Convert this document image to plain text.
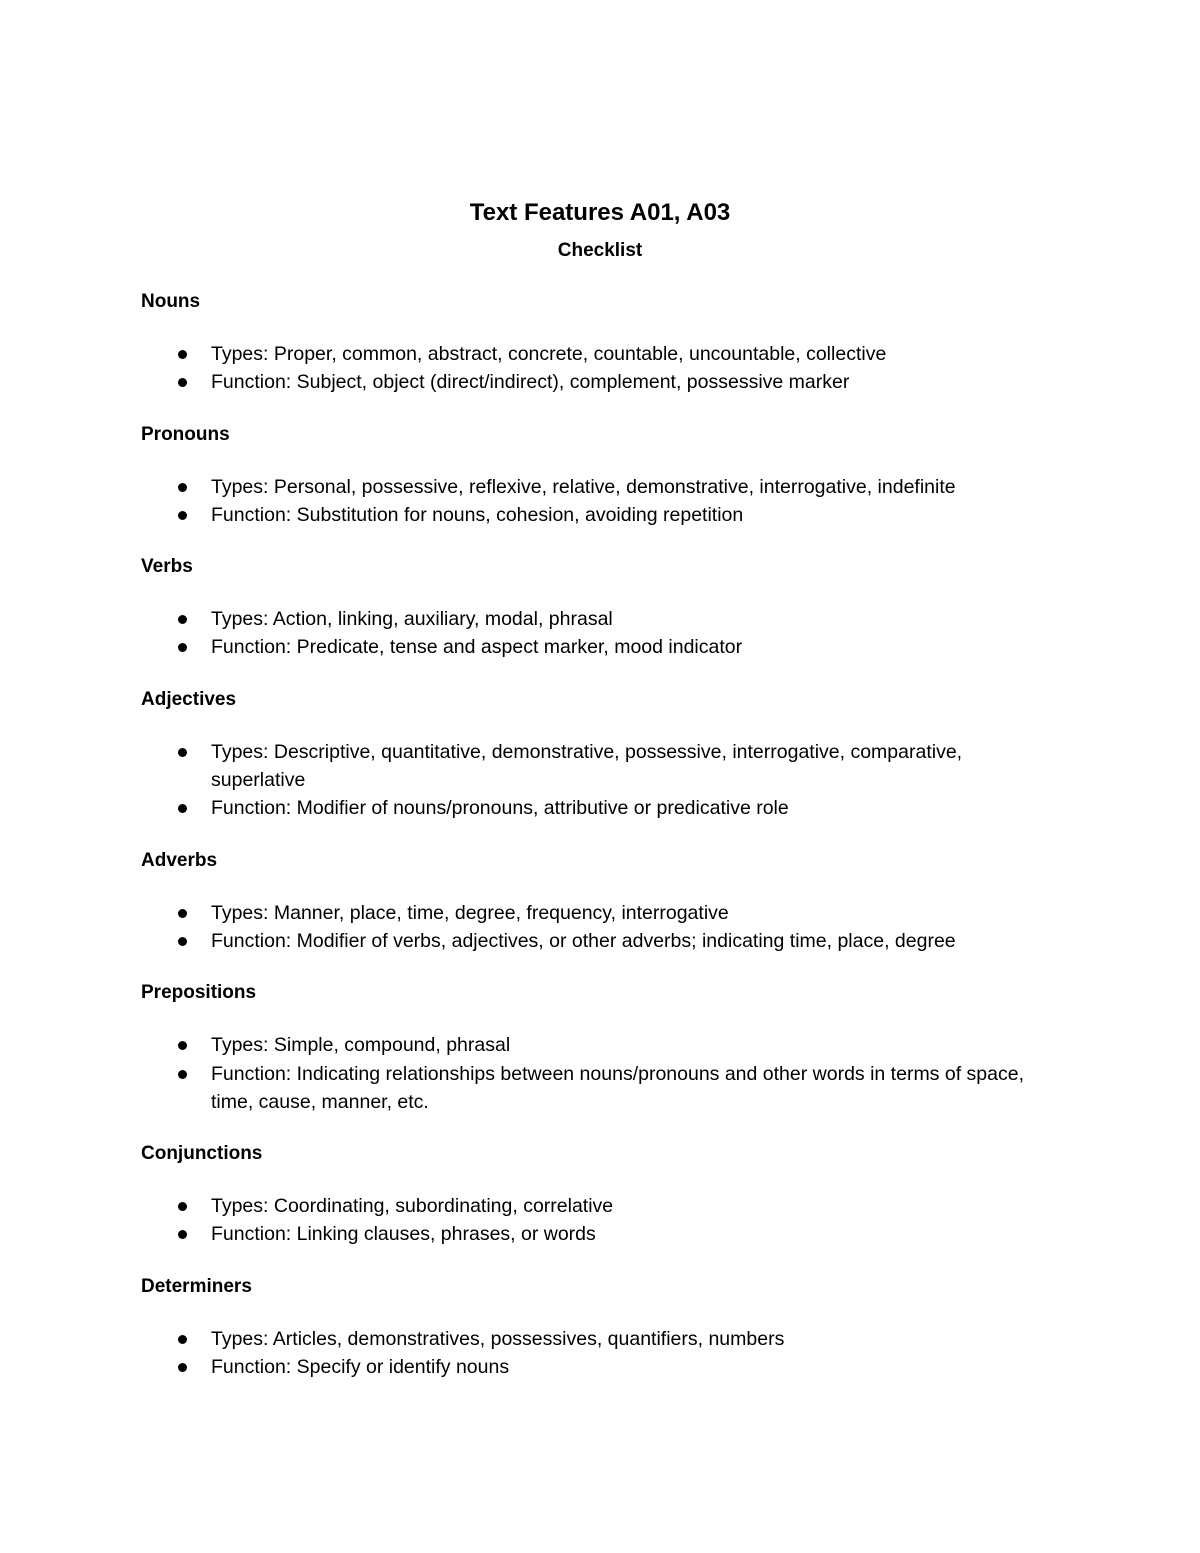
Text Features A01, A03
Checklist
Nouns
Types: Proper, common, abstract, concrete, countable, uncountable, collective
Function: Subject, object (direct/indirect), complement, possessive marker
Pronouns
Types: Personal, possessive, reflexive, relative, demonstrative, interrogative, indefinite
Function: Substitution for nouns, cohesion, avoiding repetition
Verbs
Types: Action, linking, auxiliary, modal, phrasal
Function: Predicate, tense and aspect marker, mood indicator
Adjectives
Types: Descriptive, quantitative, demonstrative, possessive, interrogative, comparative, superlative
Function: Modifier of nouns/pronouns, attributive or predicative role
Adverbs
Types: Manner, place, time, degree, frequency, interrogative
Function: Modifier of verbs, adjectives, or other adverbs; indicating time, place, degree
Prepositions
Types: Simple, compound, phrasal
Function: Indicating relationships between nouns/pronouns and other words in terms of space, time, cause, manner, etc.
Conjunctions
Types: Coordinating, subordinating, correlative
Function: Linking clauses, phrases, or words
Determiners
Types: Articles, demonstratives, possessives, quantifiers, numbers
Function: Specify or identify nouns
